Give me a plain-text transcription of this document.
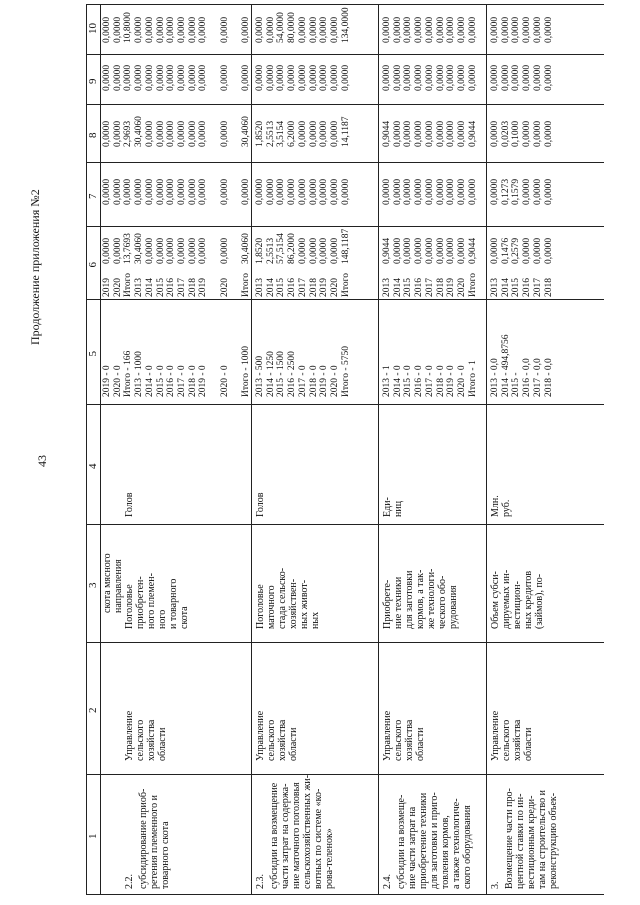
43
Продолжение приложения №2
1
2
3
4
5
6
7
8
9
10
скота мясного
направления
2019 - 0 2020 - 0 Итого - 166 2013 - 1000 2014 - 0 2015 - 0 2016 - 0 2017 - 0 2018 - 0 2019 - 0 2020 - 0 Итого - 1000
2019 2020 Итого 2013 2014 2015 2016 2017 2018 2019 2020 Итого
0,0000 0,0000 13,7693 30,4060 0,0000 0,0000 0,0000 0,0000 0,0000 0,0000 0,0000 30,4060
0,0000 0,0000 0,0000 0,0000 0,0000 0,0000 0,0000 0,0000 0,0000 0,0000 0,0000 0,0000
0,0000 0,0000 2,9693 30,4060 0,0000 0,0000 0,0000 0,0000 0,0000 0,0000 0,0000 30,4060
0,0000 0,0000 0,0000 0,0000 0,0000 0,0000 0,0000 0,0000 0,0000 0,0000 0,0000 0,0000
0,0000 0,0000 10,8000 0,0000 0,0000 0,0000 0,0000 0,0000 0,0000 0,0000 0,0000 0,0000
2.2. субсидирование приоб-
ретения племенного и
товарного скота
Управление
сельского
хозяйства
области
Поголовье
приобретен-
ного племен-
ного
и товарного
скота
Голов
2.3. субсидии на возмещение
части затрат на содержа-
ние маточного поголовья
сельскохозяйственных жи-
вотных по системе «ко-
рова-теленок»
Управление
сельского
хозяйства
области
Поголовье
маточного
стада сельско-
хозяйствен-
ных живот-
ных
Голов
2013 - 500 2014 - 1250 2015 - 1500 2016 - 2500 2017 - 0 2018 - 0 2019 - 0 2020 - 0 Итого - 5750
2013 2014 2015 2016 2017 2018 2019 2020 Итого
1,8520 2,5513 57,5154 86,2000 0,0000 0,0000 0,0000 0,0000 148,1187
0,0000 0,0000 0,0000 0,0000 0,0000 0,0000 0,0000 0,0000 0,0000
1,8520 2,5513 3,5154 6,2000 0,0000 0,0000 0,0000 0,0000 14,1187
0,0000 0,0000 0,0000 0,0000 0,0000 0,0000 0,0000 0,0000 0,0000
0,0000 0,0000 54,0000 80,0000 0,0000 0,0000 0,0000 0,0000 134,0000
2.4. субсидии на возмеще-
ние части затрат на
приобретение техники
для заготовки и приго-
товления кормов,
а также технологиче-
ского оборудования
Управление
сельского
хозяйства
области
Приобрете-
ние техники
для заготовки
кормов, а так-
же технологи-
ческого обо-
рудования
Еди-
ниц
2013 - 1 2014 - 0 2015 - 0 2016 - 0 2017 - 0 2018 - 0 2019 - 0 2020 - 0 Итого - 1
2013 2014 2015 2016 2017 2018 2019 2020 Итого
0,9044 0,0000 0,0000 0,0000 0,0000 0,0000 0,0000 0,0000 0,9044
0,0000 0,0000 0,0000 0,0000 0,0000 0,0000 0,0000 0,0000 0,0000
0,9044 0,0000 0,0000 0,0000 0,0000 0,0000 0,0000 0,0000 0,9044
0,0000 0,0000 0,0000 0,0000 0,0000 0,0000 0,0000 0,0000 0,0000
0,0000 0,0000 0,0000 0,0000 0,0000 0,0000 0,0000 0,0000 0,0000
3. Возмещение части про-
центной ставки по ин-
вестиционным креди-
там на строительство и
реконструкцию объек-
Управление
сельского
хозяйства
области
Объем субси-
дируемых ин-
вестицион-
ных кредитов
(займов), по-
Млн.
руб.
2013 - 0,0 2014 - 494,8756 2015 - 2016 - 0,0 2017 - 0,0 2018 - 0,0
2013 2014 2015 2016 2017 2018
0,0000 0,1476 0,2579 0,0000 0,0000 0,0000
0,0000 0,1273 0,1579 0,0000 0,0000 0,0000
0,0000 0,0203 0,1000 0,0000 0,0000 0,0000
0,0000 0,0000 0,0000 0,0000 0,0000 0,0000
0,0000 0,0000 0,0000 0,0000 0,0000 0,0000
